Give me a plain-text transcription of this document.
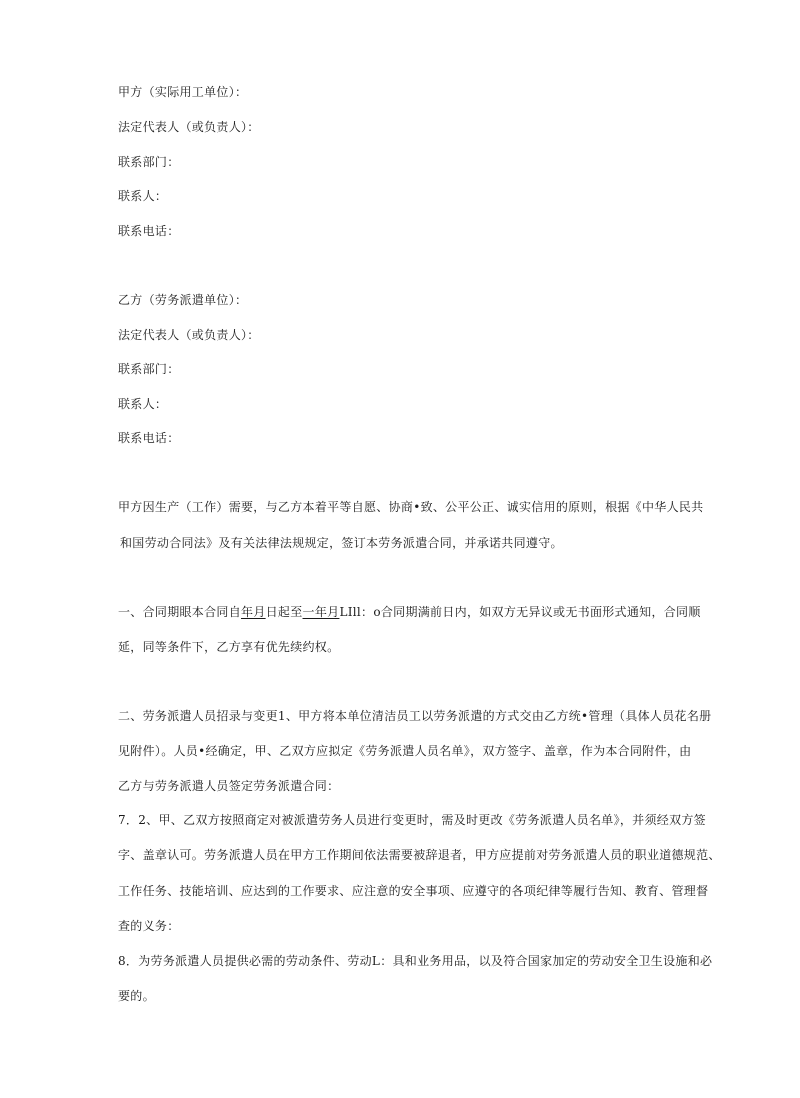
甲方（实际用工单位）：
法定代表人（或负责人）：
联系部门：
联系人：
联系电话：
乙方（劳务派遣单位）：
法定代表人（或负责人）：
联系部门：
联系人：
联系电话：
甲方因生产（工作）需要，与乙方本着平等自愿、协商•致、公平公正、诚实信用的原则，根据《中华人民共
和国劳动合同法》及有关法律法规规定，签订本劳务派遣合同，并承诺共同遵守。
一、合同期眼本合同自年月日起至一年月LIll：o合同期满前日内，如双方无异议或无书面形式通知，合同顺
延，同等条件下，乙方享有优先续约权。
二、劳务派遣人员招录与变更1、甲方将本单位清洁员工以劳务派遣的方式交由乙方统•管理（具体人员花名册
见附件）。人员•经确定，甲、乙双方应拟定《劳务派遣人员名单》，双方签字、盖章，作为本合同附件，由
乙方与劳务派遣人员签定劳务派遣合同：
7．2、甲、乙双方按照商定对被派遣劳务人员进行变更时，需及时更改《劳务派遣人员名单》，并须经双方签
字、盖章认可。劳务派遣人员在甲方工作期间依法需要被辞退者，甲方应提前对劳务派遣人员的职业道德规范、
工作任务、技能培训、应达到的工作要求、应注意的安全事项、应遵守的各项纪律等履行告知、教育、管理督
查的义务：
8．为劳务派遣人员提供必需的劳动条件、劳动L：具和业务用品，以及符合国家加定的劳动安全卫生设施和必
要的。
